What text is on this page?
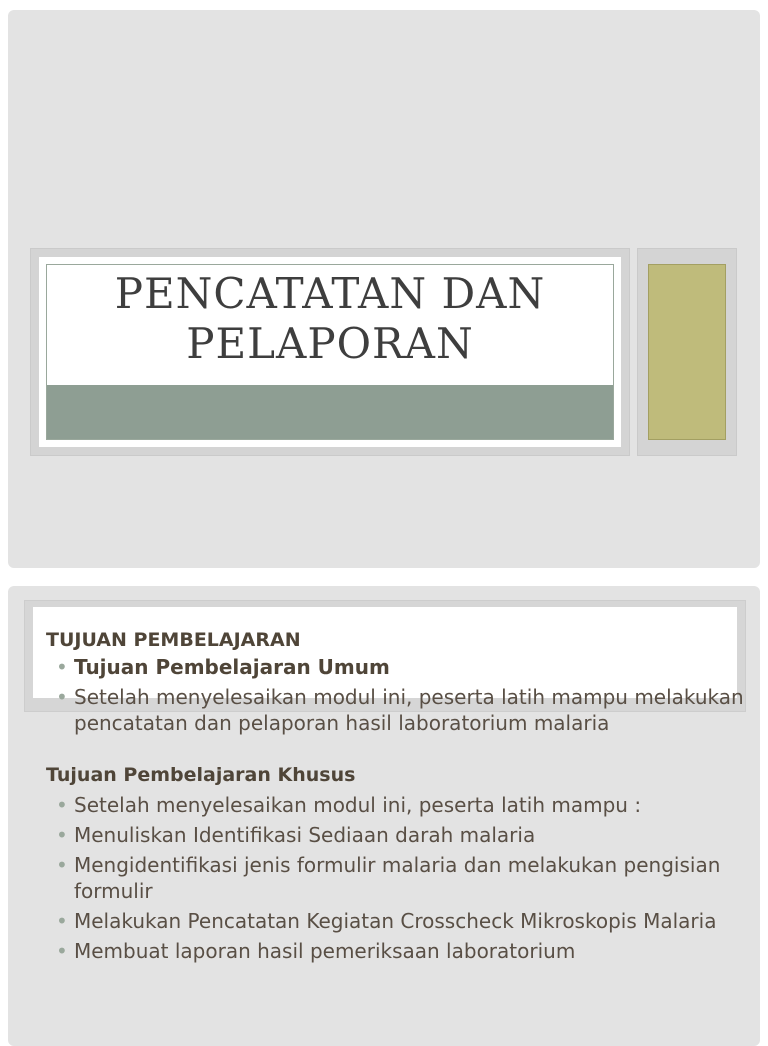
PENCATATAN DAN
PELAPORAN

TUJUAN PEMBELAJARAN

• Tujuan Pembelajaran Umum
• Setelah menyelesaikan modul ini, peserta latih mampu melakukan pencatatan dan pelaporan hasil laboratorium malaria

Tujuan Pembelajaran Khusus

• Setelah menyelesaikan modul ini, peserta latih mampu :
• Menuliskan Identifikasi Sediaan darah malaria
• Mengidentifikasi jenis formulir malaria dan melakukan pengisian formulir
• Melakukan Pencatatan Kegiatan Crosscheck Mikroskopis Malaria
• Membuat laporan hasil pemeriksaan laboratorium
